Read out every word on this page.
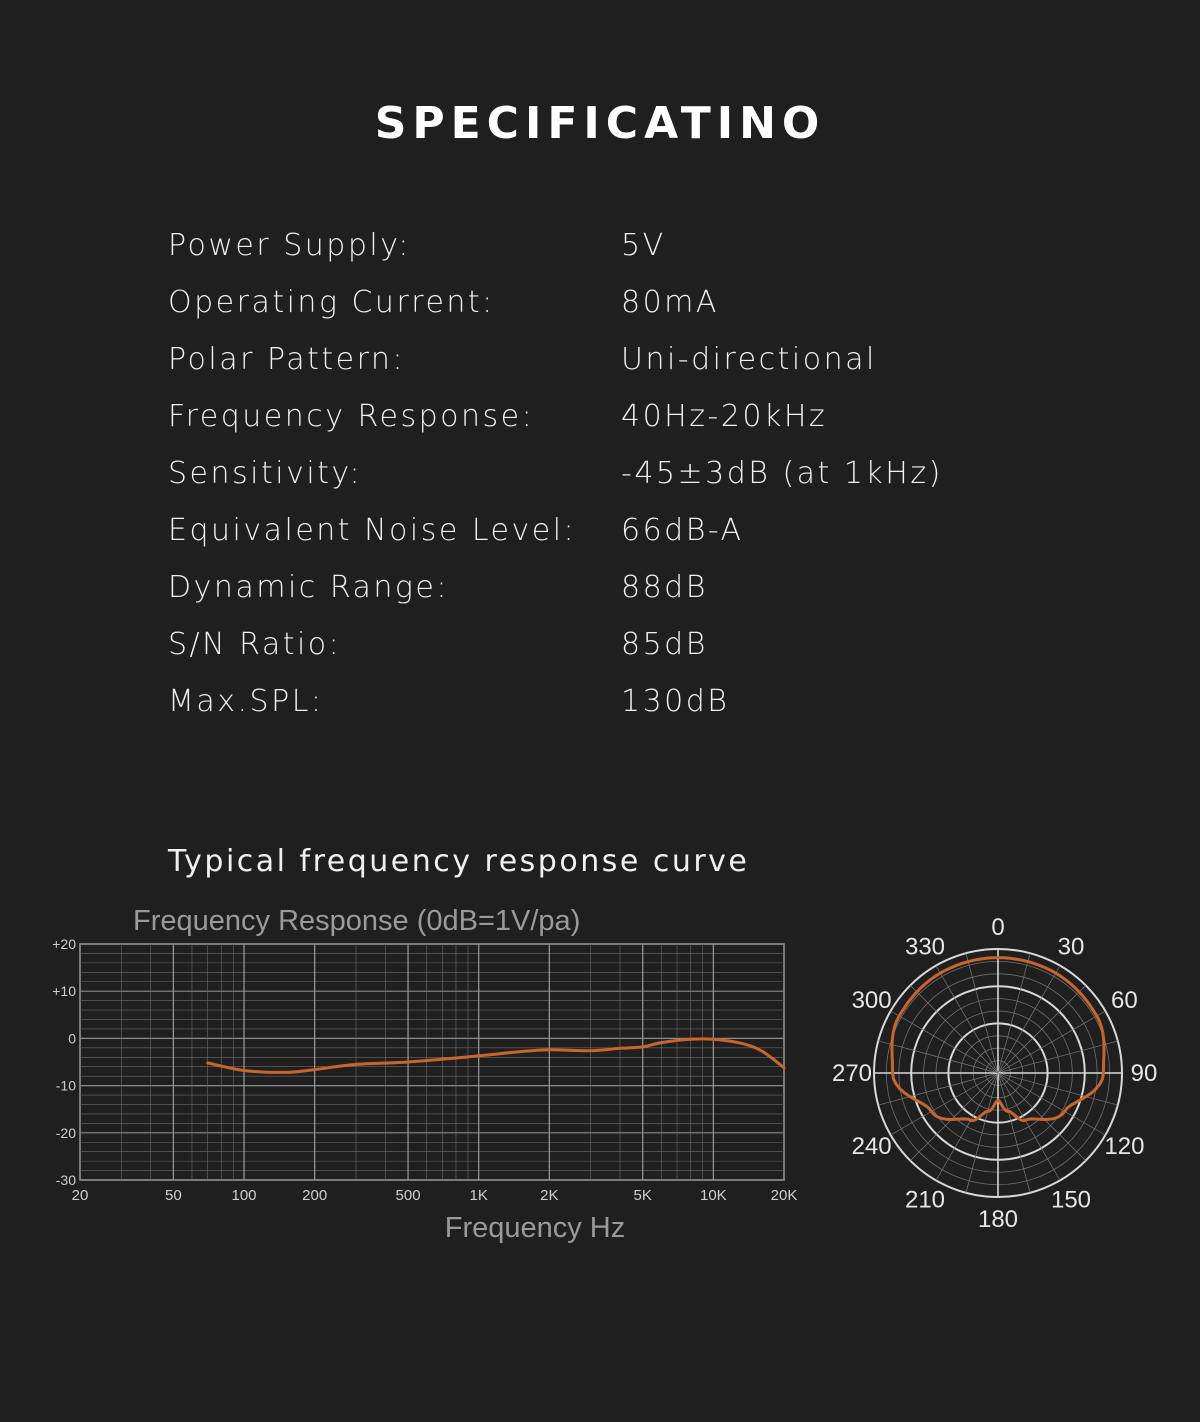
SPECIFICATINO
Power Supply:	5V
Operating Current:	80mA
Polar Pattern:	Uni-directional
Frequency Response:	40Hz-20kHz
Sensitivity:	-45±3dB (at 1kHz)
Equivalent Noise Level: 66dB-A
Dynamic Range:	88dB
S/N Ratio:	85dB
Max.SPL:	130dB
Typical frequency response curve
Frequency Response (0dB=1V/pa)
+20
+10
0
-10
-20
-30
20	50	100	200	500	1K	2K	5K	10K	20K
Frequency Hz
0
30
60
90
120
150
180
210
240
270
300
330
